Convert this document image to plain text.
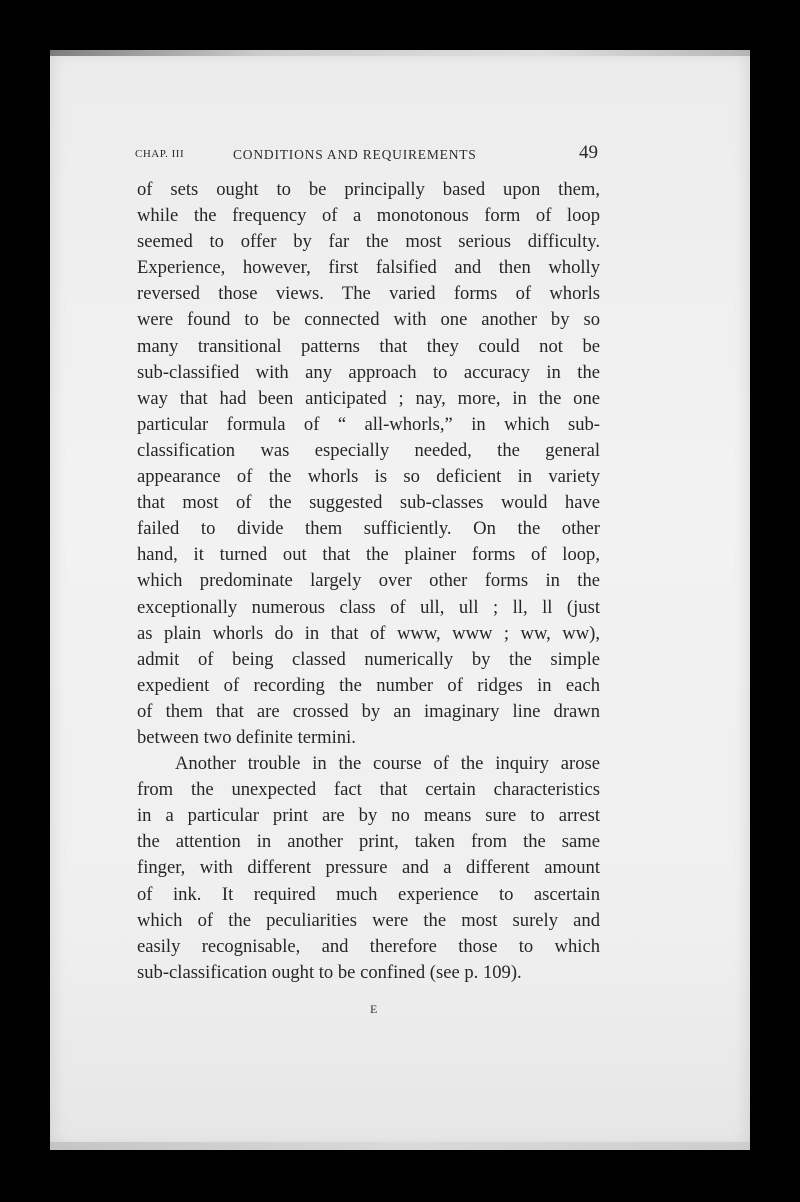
CHAP. III	CONDITIONS AND REQUIREMENTS	49
of sets ought to be principally based upon them,
while the frequency of a monotonous form of loop
seemed to offer by far the most serious difficulty.
Experience, however, first falsified and then wholly
reversed those views. The varied forms of whorls
were found to be connected with one another by so
many transitional patterns that they could not be
sub-classified with any approach to accuracy in the
way that had been anticipated ; nay, more, in the one
particular formula of “ all-whorls,” in which sub-
classification was especially needed, the general
appearance of the whorls is so deficient in variety
that most of the suggested sub-classes would have
failed to divide them sufficiently. On the other
hand, it turned out that the plainer forms of loop,
which predominate largely over other forms in the
exceptionally numerous class of ull, ull ; ll, ll (just
as plain whorls do in that of www, www ; ww, ww),
admit of being classed numerically by the simple
expedient of recording the number of ridges in each
of them that are crossed by an imaginary line drawn
between two definite termini.
Another trouble in the course of the inquiry arose
from the unexpected fact that certain characteristics
in a particular print are by no means sure to arrest
the attention in another print, taken from the same
finger, with different pressure and a different amount
of ink. It required much experience to ascertain
which of the peculiarities were the most surely and
easily recognisable, and therefore those to which
sub-classification ought to be confined (see p. 109).
E
